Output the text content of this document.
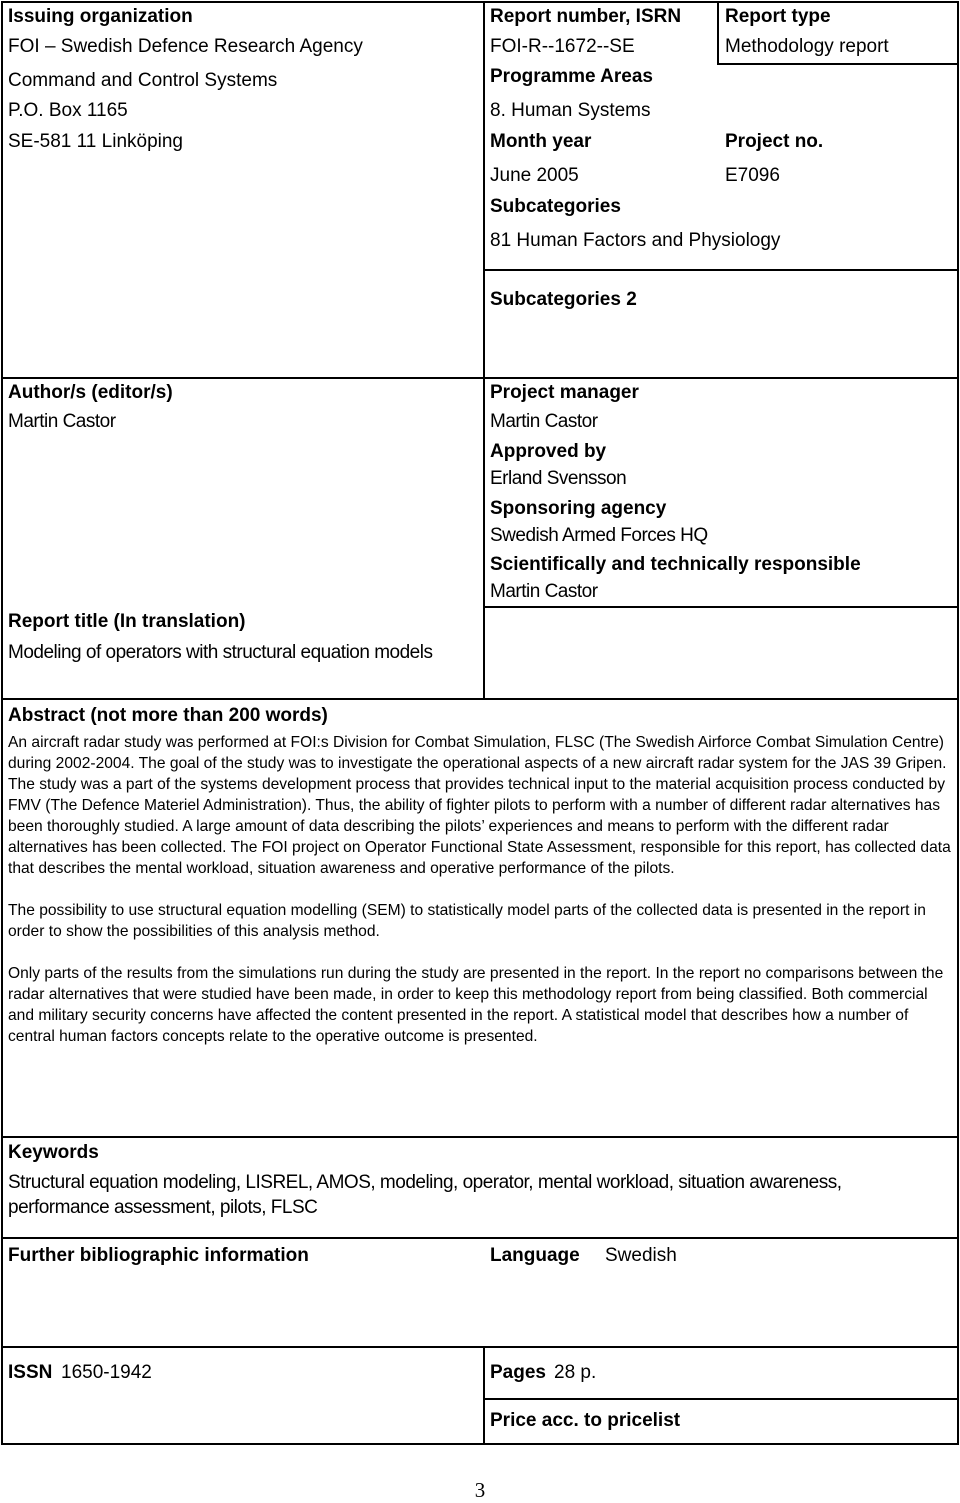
Issuing organization
FOI – Swedish Defence Research Agency
Command and Control Systems
P.O. Box 1165
SE-581 11 Linköping
Report number, ISRN
FOI-R--1672--SE
Report type
Methodology report
Programme Areas
8. Human Systems
Month year
June 2005
Project no.
E7096
Subcategories
81 Human Factors and Physiology
Subcategories 2
Author/s (editor/s)
Martin Castor
Project manager
Martin Castor
Approved by
Erland Svensson
Sponsoring agency
Swedish Armed Forces HQ
Scientifically and technically responsible
Martin Castor
Report title (In translation)
Modeling of operators with structural equation models
Abstract (not more than 200 words)

An aircraft radar study was performed at FOI:s Division for Combat Simulation, FLSC (The Swedish Airforce Combat Simulation Centre) during 2002-2004. The goal of the study was to investigate the operational aspects of a new aircraft radar system for the JAS 39 Gripen. The study was a part of the systems development process that provides technical input to the material acquisition process conducted by FMV (The Defence Materiel Administration). Thus, the ability of fighter pilots to perform with a number of different radar alternatives has been thoroughly studied. A large amount of data describing the pilots’ experiences and means to perform with the different radar alternatives has been collected. The FOI project on Operator Functional State Assessment, responsible for this report, has collected data that describes the mental workload, situation awareness and operative performance of the pilots.

The possibility to use structural equation modelling (SEM) to statistically model parts of the collected data is presented in the report in order to show the possibilities of this analysis method.

Only parts of the results from the simulations run during the study are presented in the report. In the report no comparisons between the radar alternatives that were studied have been made, in order to keep this methodology report from being classified. Both commercial and military security concerns have affected the content presented in the report. A statistical model that describes how a number of central human factors concepts relate to the operative outcome is presented.

Keywords
Structural equation modeling, LISREL, AMOS, modeling, operator, mental workload, situation awareness,
performance assessment, pilots, FLSC
Further bibliographic information	Language Swedish
ISSN 1650-1942	Pages 28 p.
Price acc. to pricelist
3
